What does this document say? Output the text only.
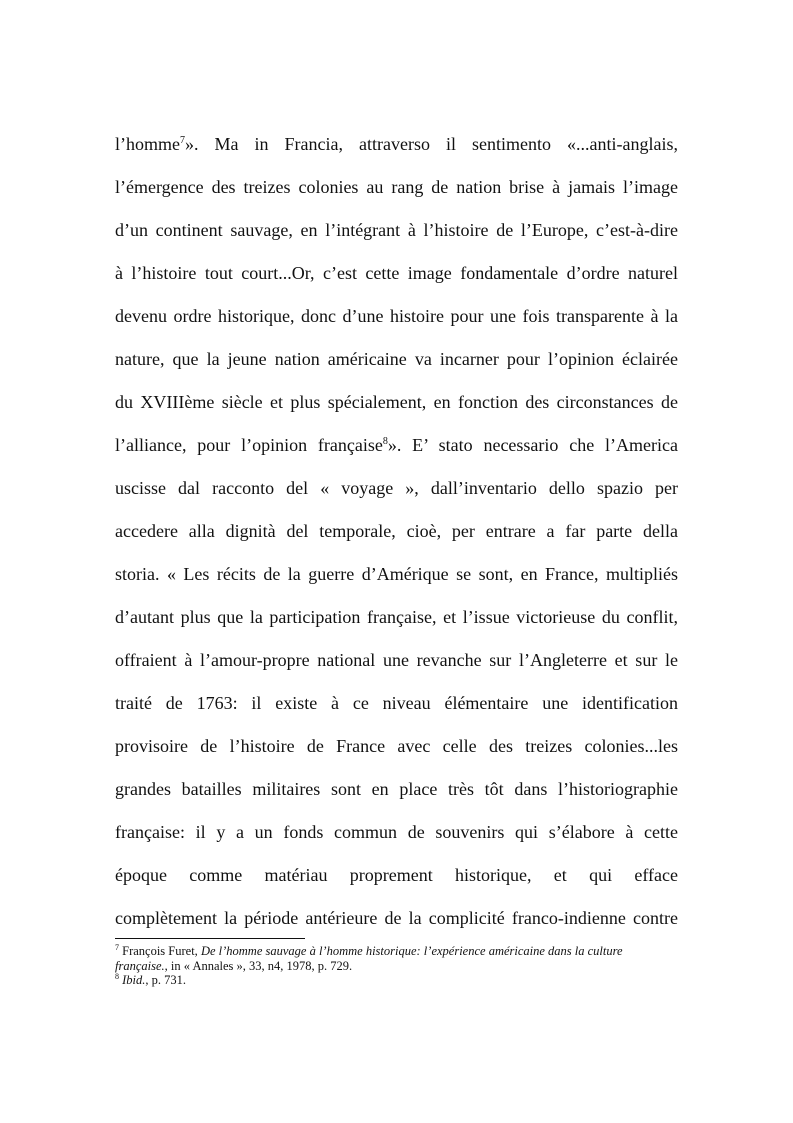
l’homme$^7$». Ma in Francia, attraverso il sentimento «...anti-anglais,
l’émergence des treizes colonies au rang de nation brise à jamais l’image
d’un continent sauvage, en l’intégrant à l’histoire de l’Europe, c’est-à-dire
à l’histoire tout court...Or, c’est cette image fondamentale d’ordre naturel
devenu ordre historique, donc d’une histoire pour une fois transparente à la
nature, que la jeune nation américaine va incarner pour l’opinion éclairée
du XVIIIème siècle et plus spécialement, en fonction des circonstances de
l’alliance, pour l’opinion française$^8$». E’ stato necessario che l’America
uscisse dal racconto del « voyage », dall’inventario dello spazio per
accedere alla dignità del temporale, cioè, per entrare a far parte della
storia. « Les récits de la guerre d’Amérique se sont, en France, multipliés
d’autant plus que la participation française, et l’issue victorieuse du conflit,
offraient à l’amour-propre national une revanche sur l’Angleterre et sur le
traité de 1763: il existe à ce niveau élémentaire une identification
provisoire de l’histoire de France avec celle des treizes colonies...les
grandes batailles militaires sont en place très tôt dans l’historiographie
française: il y a un fonds commun de souvenirs qui s’élabore à cette
époque comme matériau proprement historique, et qui efface
complètement la période antérieure de la complicité franco-indienne contre
$^7$ François Furet, De l’homme sauvage à l’homme historique: l’expérience américaine dans la culture
française., in « Annales », 33, n4, 1978, p. 729.
$^8$ Ibid., p. 731.
